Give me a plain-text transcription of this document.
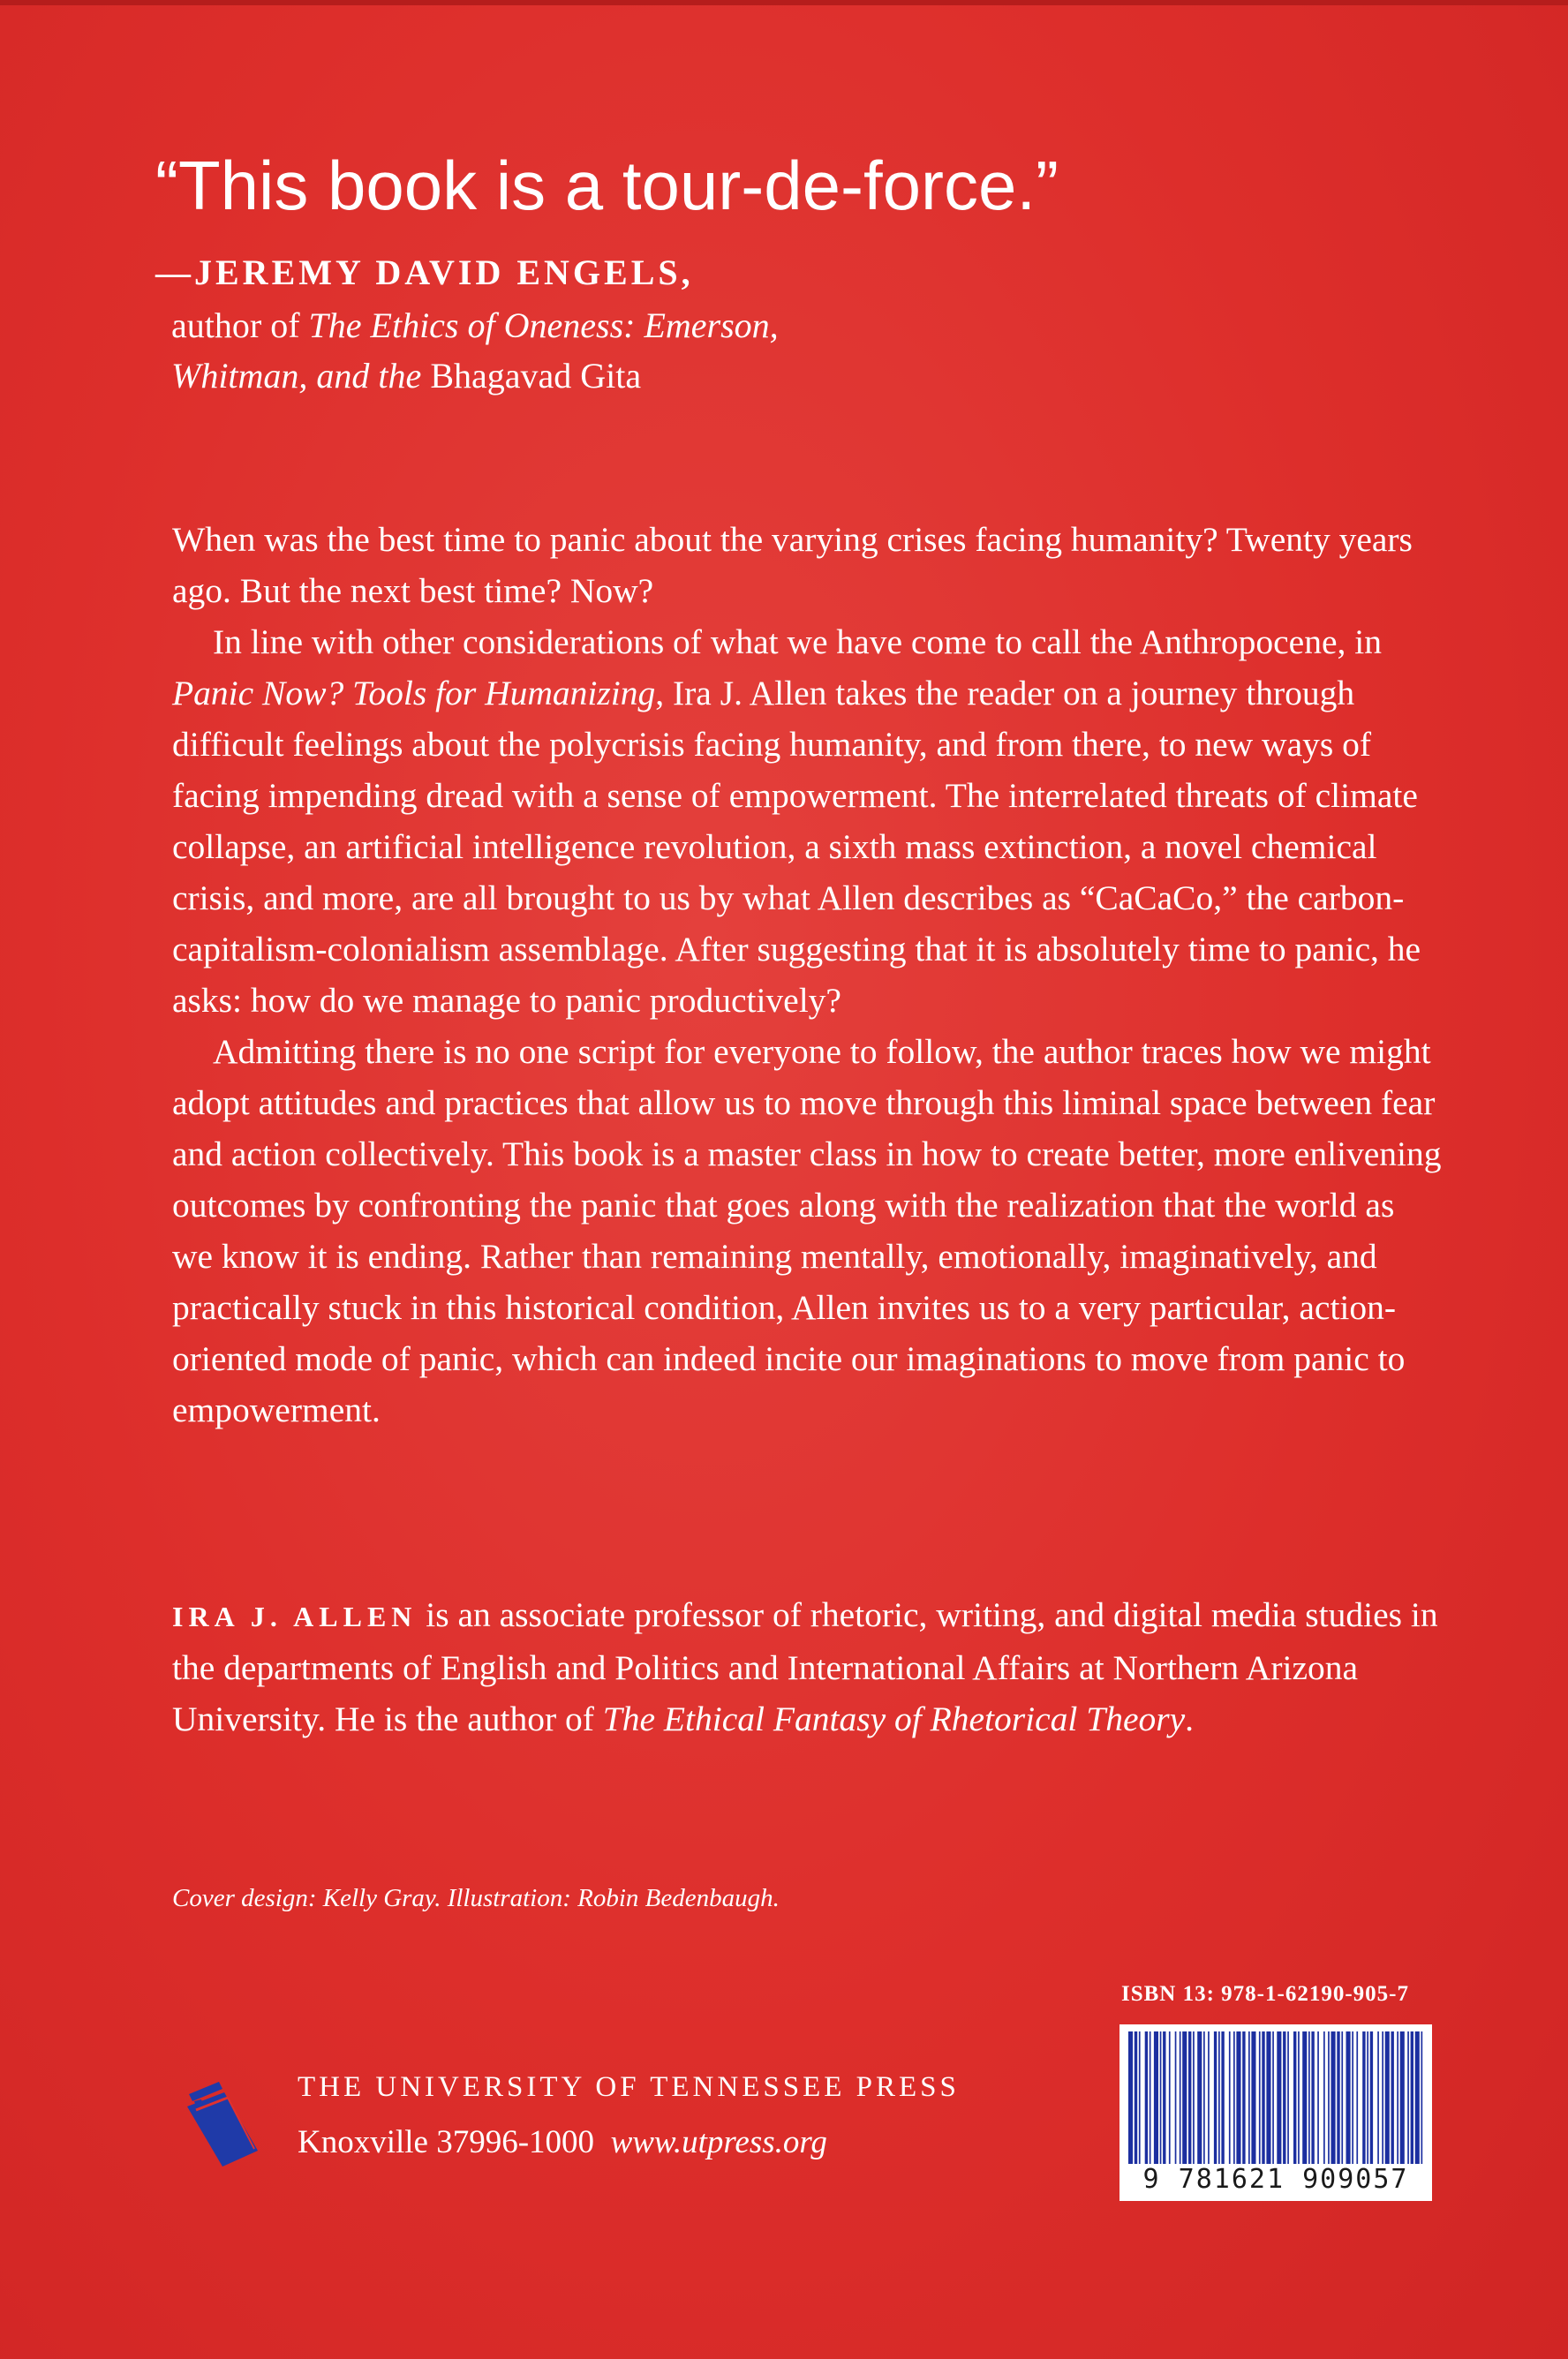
“This book is a tour-de-force.”
—JEREMY DAVID ENGELS,
author of The Ethics of Oneness: Emerson,
Whitman, and the Bhagavad Gita

When was the best time to panic about the varying crises facing humanity? Twenty years ago. But the next best time? Now?

In line with other considerations of what we have come to call the Anthropocene, in Panic Now? Tools for Humanizing, Ira J. Allen takes the reader on a journey through difficult feelings about the polycrisis facing humanity, and from there, to new ways of facing impending dread with a sense of empowerment. The interrelated threats of climate collapse, an artificial intelligence revolution, a sixth mass extinction, a novel chemical crisis, and more, are all brought to us by what Allen describes as “CaCaCo,” the carbon-capitalism-colonialism assemblage. After suggesting that it is absolutely time to panic, he asks: how do we manage to panic productively?

Admitting there is no one script for everyone to follow, the author traces how we might adopt attitudes and practices that allow us to move through this liminal space between fear and action collectively. This book is a master class in how to create better, more enlivening outcomes by confronting the panic that goes along with the realization that the world as we know it is ending. Rather than remaining mentally, emotionally, imaginatively, and practically stuck in this historical condition, Allen invites us to a very particular, action-oriented mode of panic, which can indeed incite our imaginations to move from panic to empowerment.

IRA J. ALLEN is an associate professor of rhetoric, writing, and digital media studies in the departments of English and Politics and International Affairs at Northern Arizona University. He is the author of The Ethical Fantasy of Rhetorical Theory.
Cover design: Kelly Gray. Illustration: Robin Bedenbaugh.
THE UNIVERSITY OF TENNESSEE PRESS
Knoxville 37996-1000 www.utpress.org
ISBN 13: 978-1-62190-905-7
9 781621 909057
